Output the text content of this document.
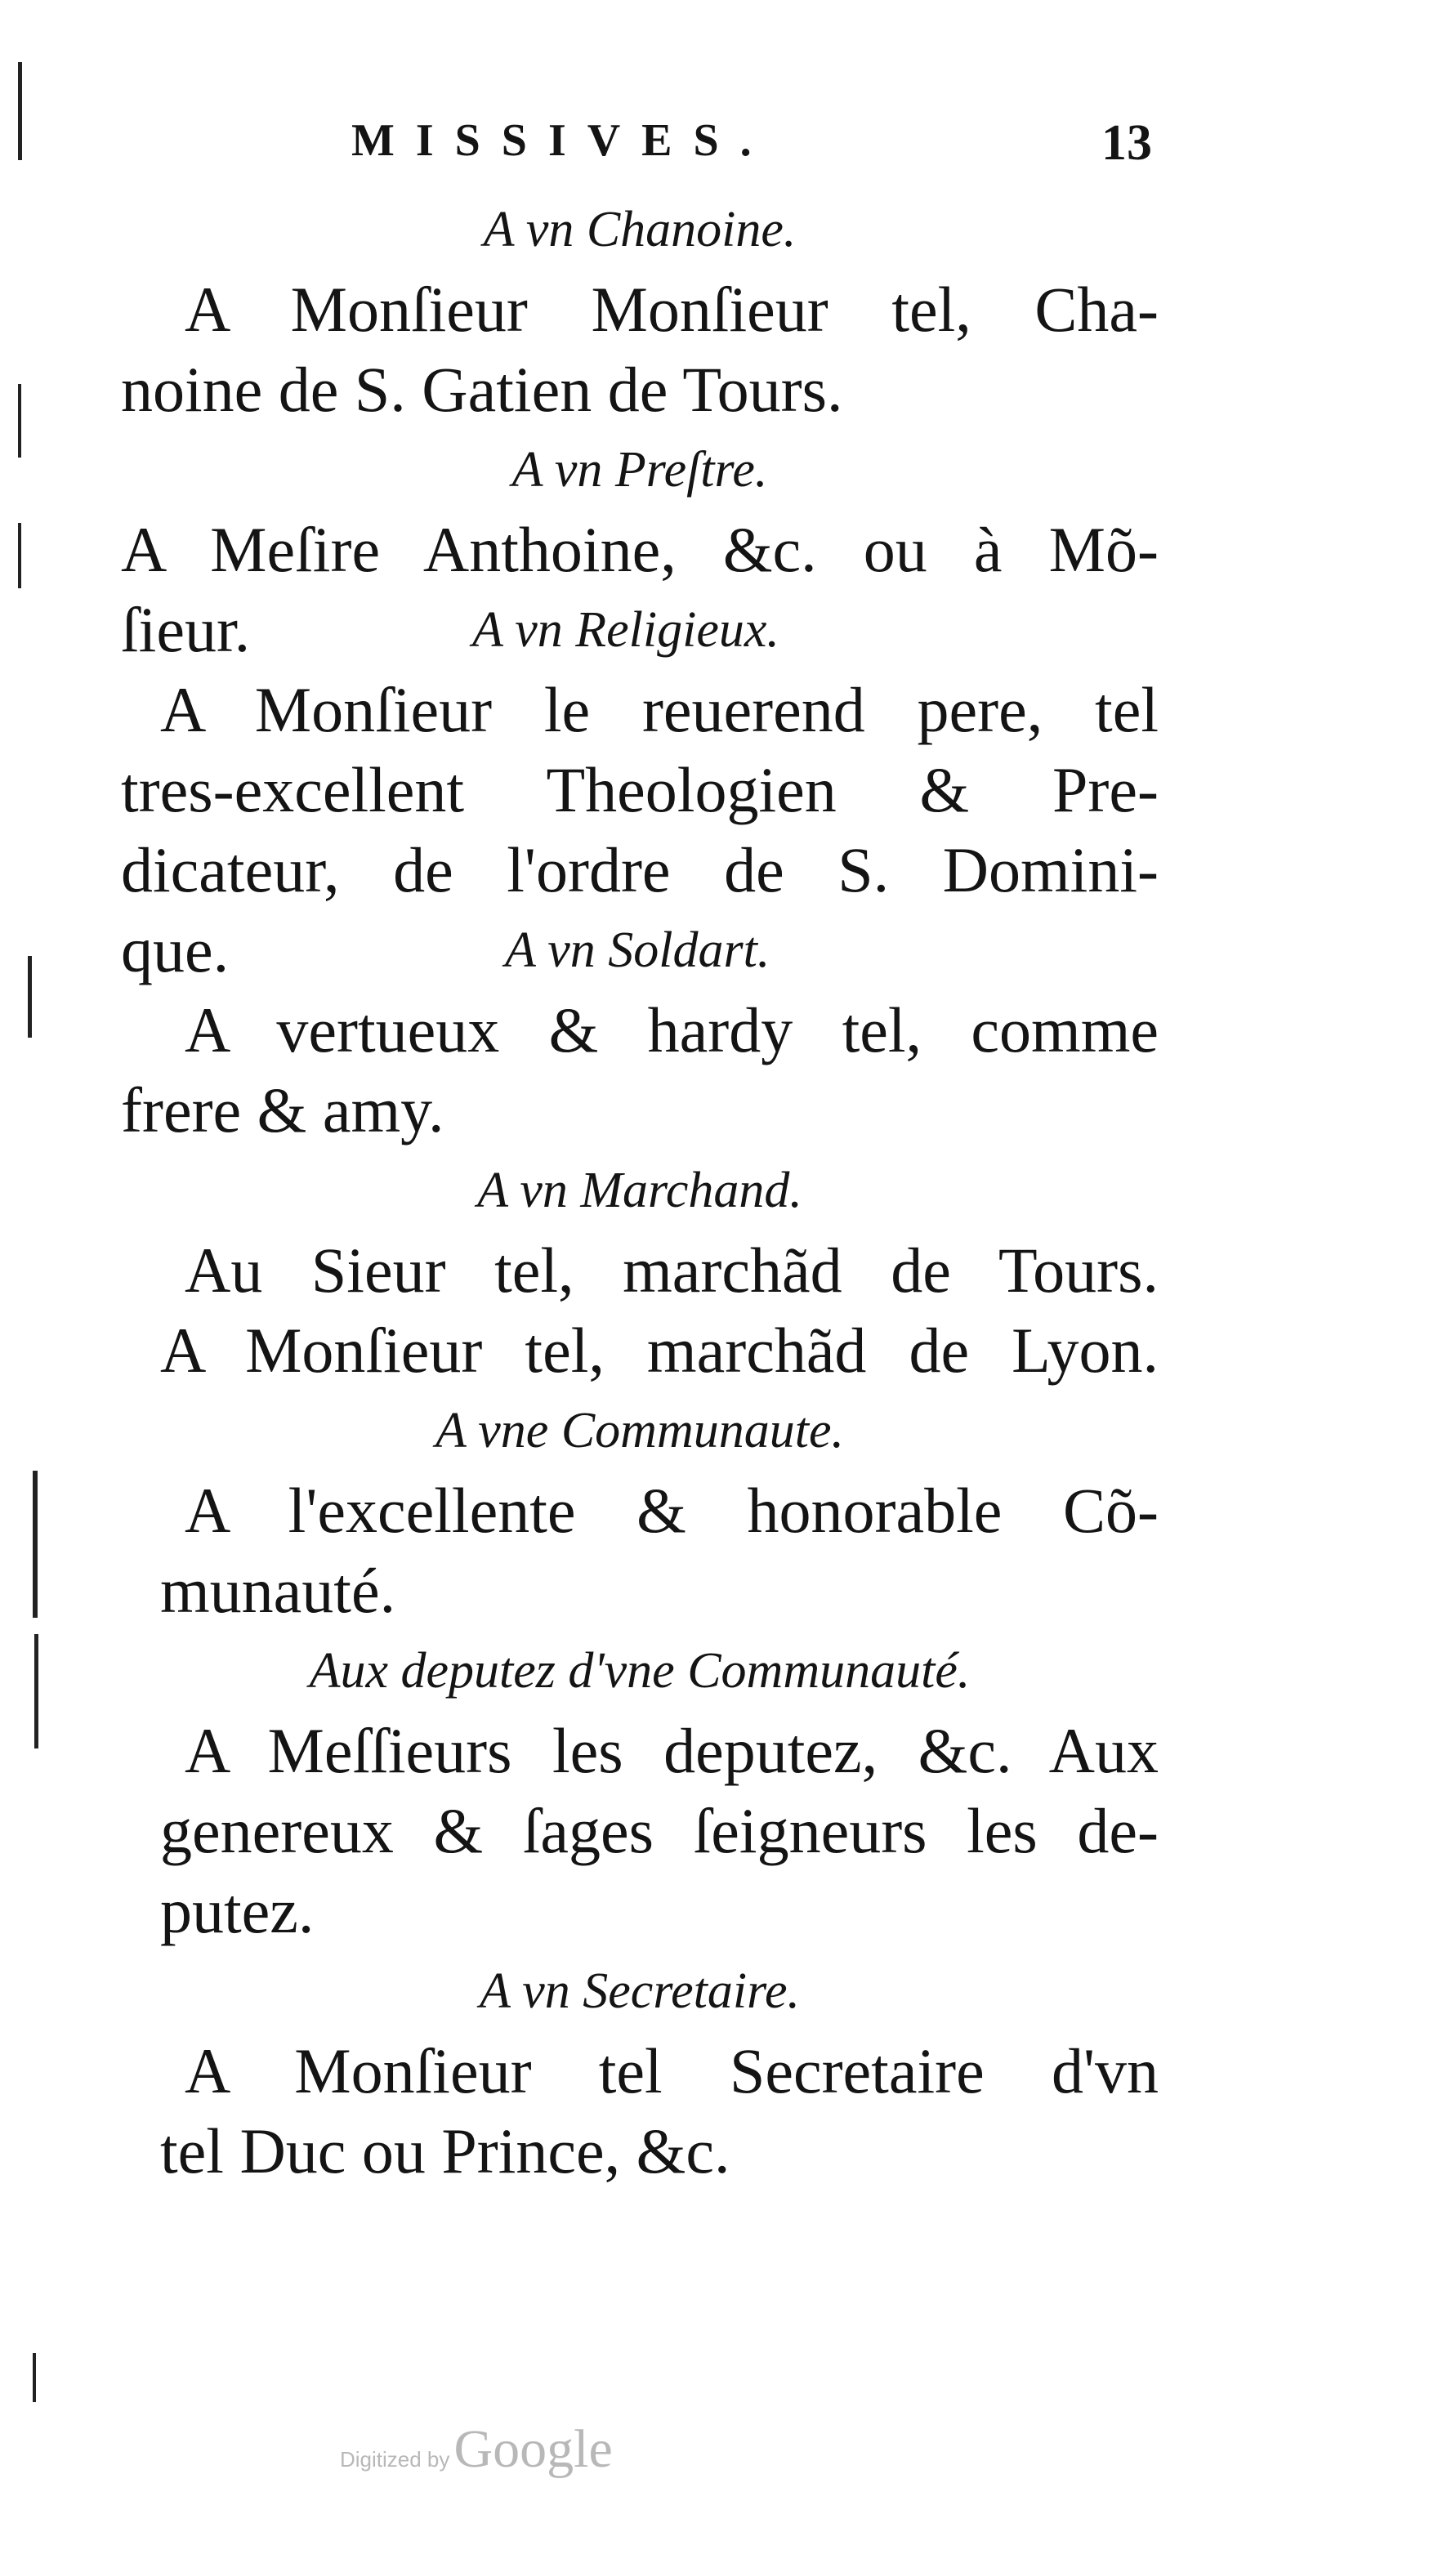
MISSIVES.	13
A vn Chanoine.
A Monſieur Monſieur tel, Cha-
noine de S. Gatien de Tours.
A vn Preſtre.
A Meſire Anthoine, &c. ou à Mõ-
ſieur.	A vn Religieux.
A Monſieur le reuerend pere, tel
tres-excellent Theologien & Pre-
dicateur, de l'ordre de S. Domini-
que.	A vn Soldart.
A vertueux & hardy tel, comme
frere & amy.
A vn Marchand.
Au Sieur tel, marchãd de Tours.
A Monſieur tel, marchãd de Lyon.
A vne Communaute.
A l'excellente & honorable Cõ-
munauté.
Aux deputez d'vne Communauté.
A Meſſieurs les deputez, &c. Aux
genereux & ſages ſeigneurs les de-
putez.
A vn Secretaire.
A Monſieur tel Secretaire d'vn
tel Duc ou Prince, &c.
Digitized by Google
